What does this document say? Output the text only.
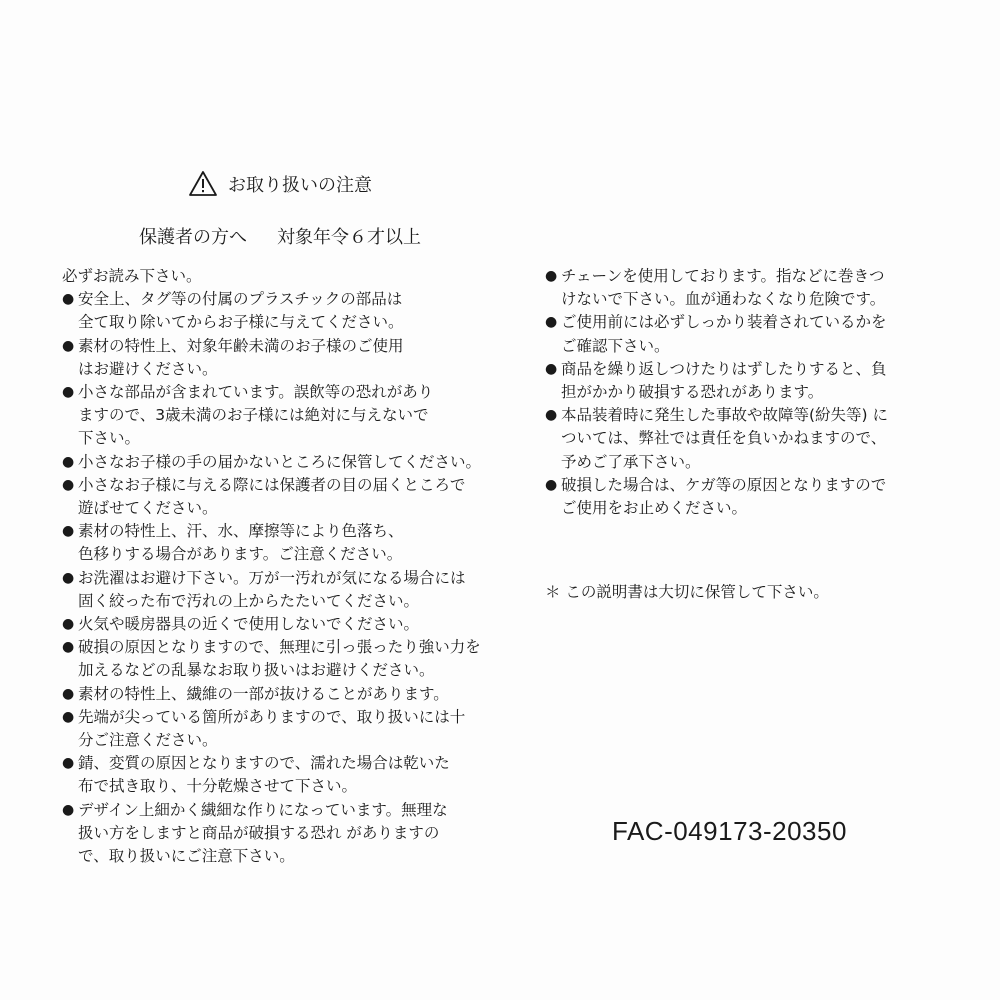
お取り扱いの注意
保護者の方へ 対象年令６才以上
必ずお読み下さい。
● 安全上、タグ等の付属のプラスチックの部品は
全て取り除いてからお子様に与えてください。
● 素材の特性上、対象年齢未満のお子様のご使用
はお避けください。
● 小さな部品が含まれています。誤飲等の恐れがあり
ますので、3歳未満のお子様には絶対に与えないで
下さい。
● 小さなお子様の手の届かないところに保管してください。
● 小さなお子様に与える際には保護者の目の届くところで
遊ばせてください。
● 素材の特性上、汗、水、摩擦等により色落ち、
色移りする場合があります。ご注意ください。
● お洗濯はお避け下さい。万が一汚れが気になる場合には
固く絞った布で汚れの上からたたいてください。
● 火気や暖房器具の近くで使用しないでください。
● 破損の原因となりますので、無理に引っ張ったり強い力を
加えるなどの乱暴なお取り扱いはお避けください。
● 素材の特性上、繊維の一部が抜けることがあります。
● 先端が尖っている箇所がありますので、取り扱いには十
分ご注意ください。
● 錆、変質の原因となりますので、濡れた場合は乾いた
布で拭き取り、十分乾燥させて下さい。
● デザイン上細かく繊細な作りになっています。無理な
扱い方をしますと商品が破損する恐れ がありますの
で、取り扱いにご注意下さい。
● チェーンを使用しております。指などに巻きつ
けないで下さい。血が通わなくなり危険です。
● ご使用前には必ずしっかり装着されているかを
ご確認下さい。
● 商品を繰り返しつけたりはずしたりすると、負
担がかかり破損する恐れがあります。
● 本品装着時に発生した事故や故障等(紛失等) に
ついては、弊社では責任を負いかねますので、
予めご了承下さい。
● 破損した場合は、ケガ等の原因となりますので
ご使用をお止めください。
＊ この説明書は大切に保管して下さい。
FAC-049173-20350
